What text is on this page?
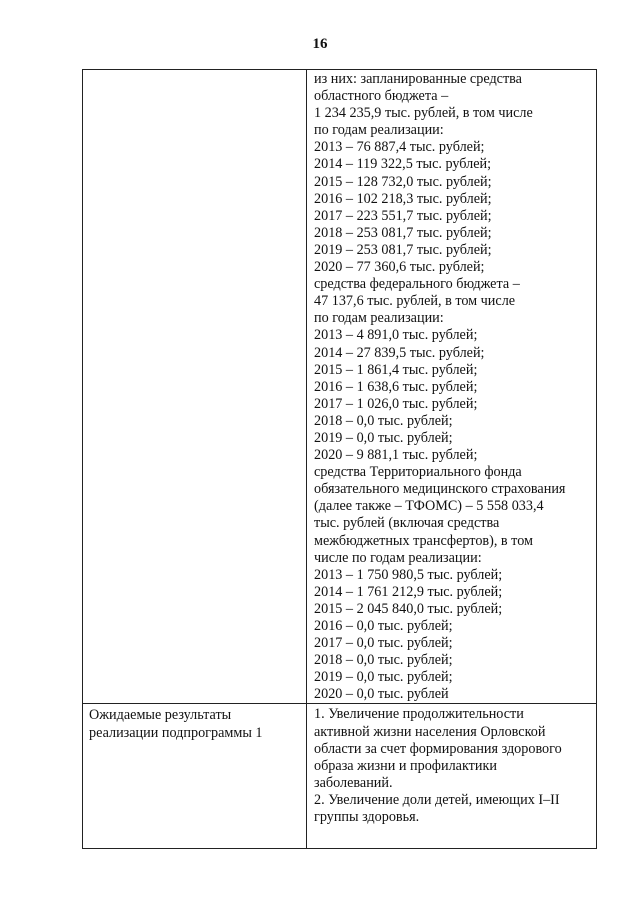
16
из них: запланированные средства
областного бюджета –
1 234 235,9 тыс. рублей, в том числе
по годам реализации:
2013 – 76 887,4 тыс. рублей;
2014 – 119 322,5 тыс. рублей;
2015 – 128 732,0 тыс. рублей;
2016 – 102 218,3 тыс. рублей;
2017 – 223 551,7 тыс. рублей;
2018 – 253 081,7 тыс. рублей;
2019 – 253 081,7 тыс. рублей;
2020 – 77 360,6 тыс. рублей;
средства федерального бюджета –
47 137,6 тыс. рублей, в том числе
по годам реализации:
2013 – 4 891,0 тыс. рублей;
2014 – 27 839,5 тыс. рублей;
2015 – 1 861,4 тыс. рублей;
2016 – 1 638,6 тыс. рублей;
2017 – 1 026,0 тыс. рублей;
2018 – 0,0 тыс. рублей;
2019 – 0,0 тыс. рублей;
2020 – 9 881,1 тыс. рублей;
средства Территориального фонда
обязательного медицинского страхования
(далее также – ТФОМС) – 5 558 033,4
тыс. рублей (включая средства
межбюджетных трансфертов), в том
числе по годам реализации:
2013 – 1 750 980,5 тыс. рублей;
2014 – 1 761 212,9 тыс. рублей;
2015 – 2 045 840,0 тыс. рублей;
2016 – 0,0 тыс. рублей;
2017 – 0,0 тыс. рублей;
2018 – 0,0 тыс. рублей;
2019 – 0,0 тыс. рублей;
2020 – 0,0 тыс. рублей
Ожидаемые результаты
реализации подпрограммы 1
1. Увеличение продолжительности
активной жизни населения Орловской
области за счет формирования здорового
образа жизни и профилактики
заболеваний.
2. Увеличение доли детей, имеющих I–II
группы здоровья.
